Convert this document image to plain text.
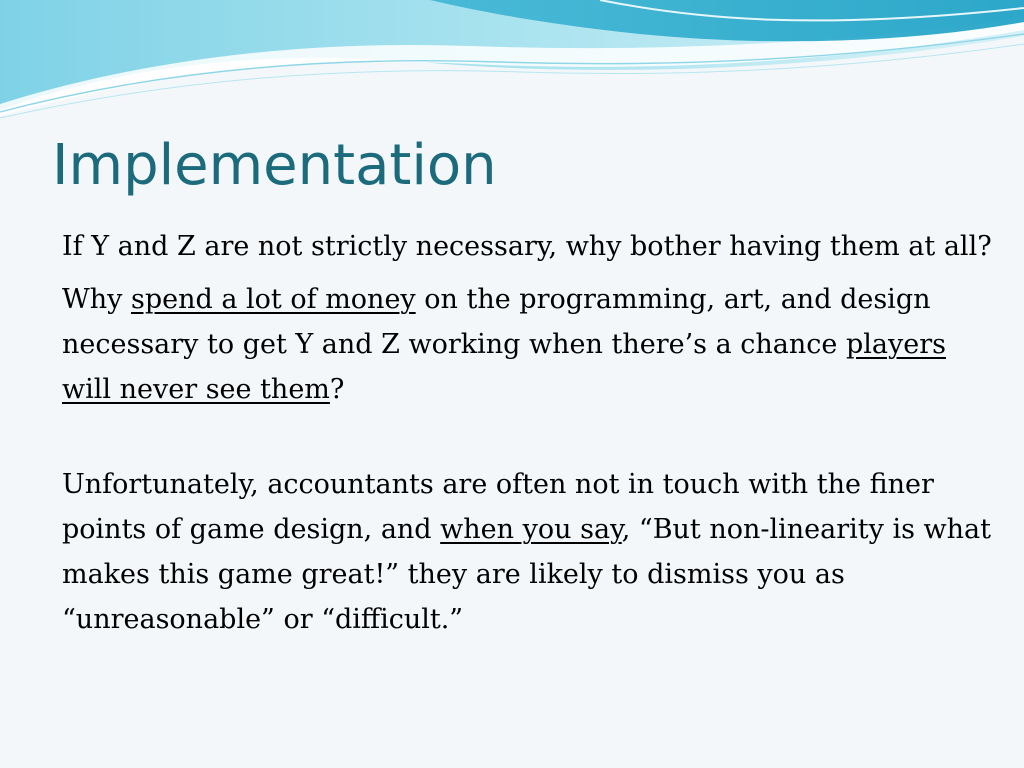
Implementation

If Y and Z are not strictly necessary, why bother having them at all?

Why spend a lot of money on the programming, art, and design necessary to get Y and Z working when there’s a chance players will never see them?

Unfortunately, accountants are often not in touch with the finer points of game design, and when you say, “But non-linearity is what makes this game great!” they are likely to dismiss you as “unreasonable” or “difficult.”
